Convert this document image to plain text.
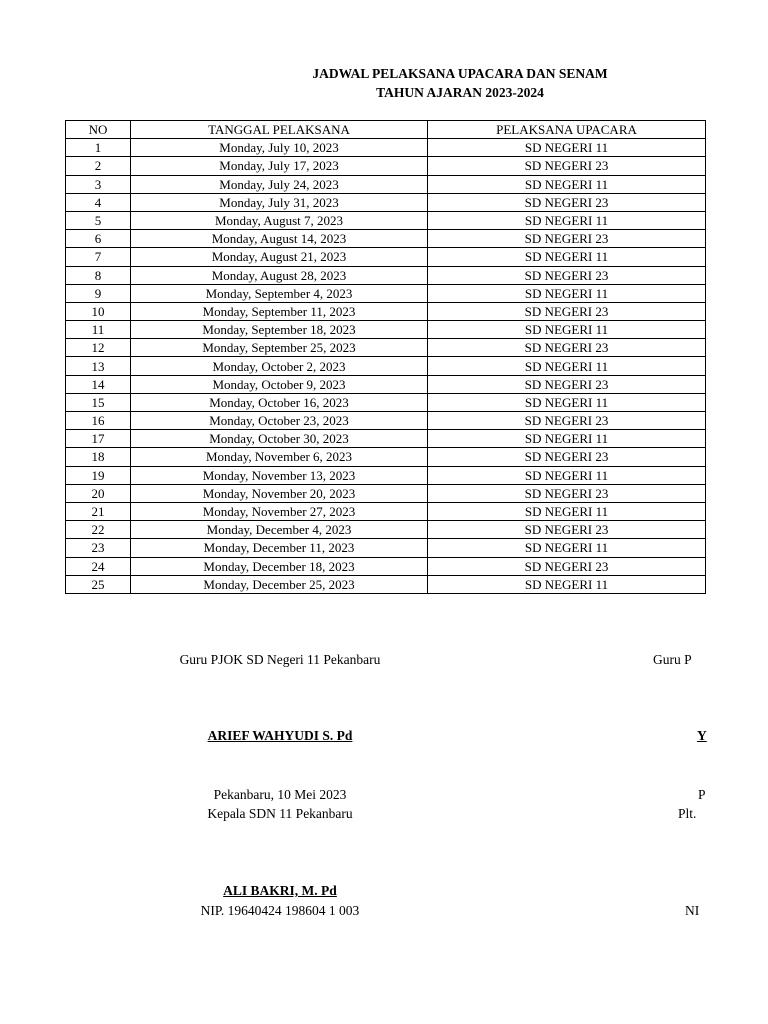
JADWAL PELAKSANA UPACARA DAN SENAM
TAHUN AJARAN 2023-2024
NO	TANGGAL PELAKSANA	PELAKSANA UPACARA
1	Monday, July 10, 2023	SD NEGERI 11
2	Monday, July 17, 2023	SD NEGERI 23
3	Monday, July 24, 2023	SD NEGERI 11
4	Monday, July 31, 2023	SD NEGERI 23
5	Monday, August 7, 2023	SD NEGERI 11
6	Monday, August 14, 2023	SD NEGERI 23
7	Monday, August 21, 2023	SD NEGERI 11
8	Monday, August 28, 2023	SD NEGERI 23
9	Monday, September 4, 2023	SD NEGERI 11
10	Monday, September 11, 2023	SD NEGERI 23
11	Monday, September 18, 2023	SD NEGERI 11
12	Monday, September 25, 2023	SD NEGERI 23
13	Monday, October 2, 2023	SD NEGERI 11
14	Monday, October 9, 2023	SD NEGERI 23
15	Monday, October 16, 2023	SD NEGERI 11
16	Monday, October 23, 2023	SD NEGERI 23
17	Monday, October 30, 2023	SD NEGERI 11
18	Monday, November 6, 2023	SD NEGERI 23
19	Monday, November 13, 2023	SD NEGERI 11
20	Monday, November 20, 2023	SD NEGERI 23
21	Monday, November 27, 2023	SD NEGERI 11
22	Monday, December 4, 2023	SD NEGERI 23
23	Monday, December 11, 2023	SD NEGERI 11
24	Monday, December 18, 2023	SD NEGERI 23
25	Monday, December 25, 2023	SD NEGERI 11
Guru PJOK SD Negeri 11 Pekanbaru
ARIEF WAHYUDI S. Pd
Pekanbaru, 10 Mei 2023
Kepala SDN 11 Pekanbaru
ALI BAKRI, M. Pd
NIP. 19640424 198604 1 003
Guru P
Y
P
Plt.
NI
